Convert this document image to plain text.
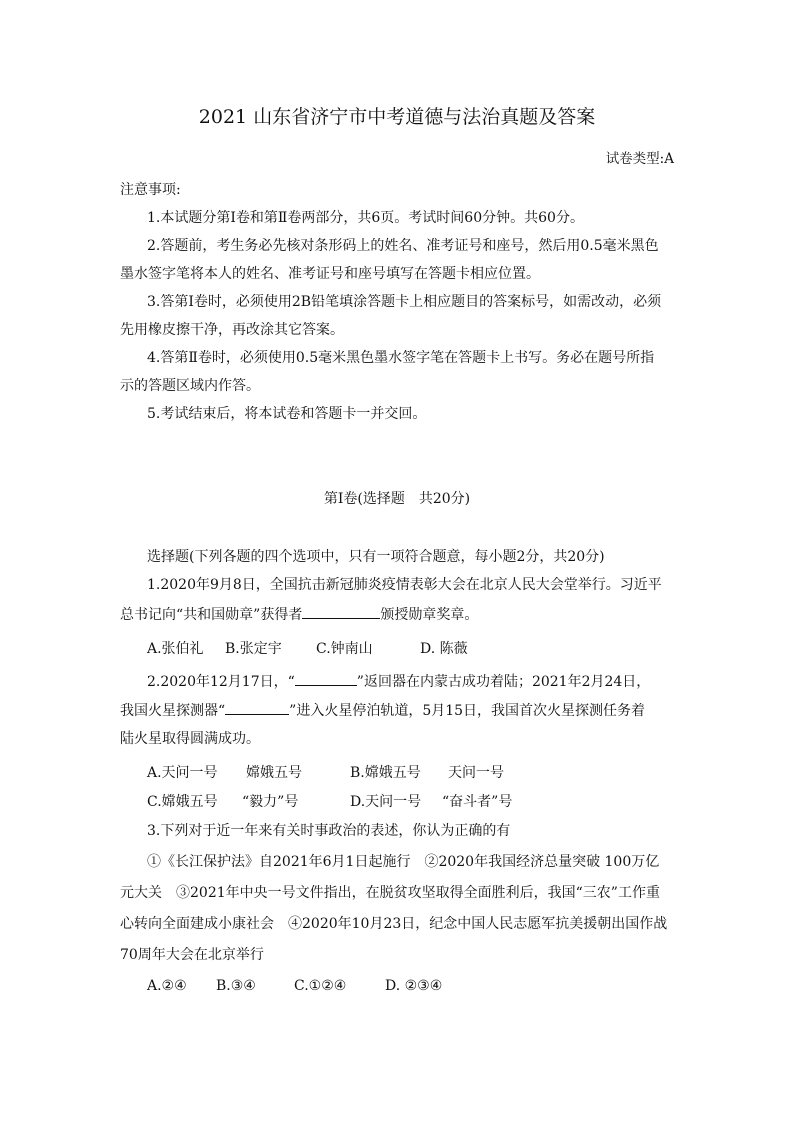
2021 山东省济宁市中考道德与法治真题及答案
试卷类型:A
注意事项:
1.本试题分第Ⅰ卷和第Ⅱ卷两部分，共6页。考试时间60分钟。共60分。
2.答题前，考生务必先核对条形码上的姓名、准考证号和座号，然后用0.5毫米黑色
墨水签字笔将本人的姓名、准考证号和座号填写在答题卡相应位置。
3.答第Ⅰ卷时，必须使用2B铅笔填涂答题卡上相应题目的答案标号，如需改动，必须
先用橡皮擦干净，再改涂其它答案。
4.答第Ⅱ卷时，必须使用0.5毫米黑色墨水签字笔在答题卡上书写。务必在题号所指
示的答题区域内作答。
5.考试结束后，将本试卷和答题卡一并交回。
第Ⅰ卷(选择题　共20分)
选择题(下列各题的四个选项中，只有一项符合题意，每小题2分，共20分)
1.2020年9月8日，全国抗击新冠肺炎疫情表彰大会在北京人民大会堂举行。习近平
总书记向“共和国勋章”获得者	颁授勋章奖章。
A.张伯礼 B.张定宇 C.钟南山	D. 陈薇
2.2020年12月17日，“	”返回器在内蒙古成功着陆；2021年2月24日，
我国火星探测器“	”进入火星停泊轨道，5月15日，我国首次火星探测任务着
陆火星取得圆满成功。
A.天问一号 嫦娥五号	B.嫦娥五号 天问一号
C.嫦娥五号 “毅力”号	D.天问一号 “奋斗者”号
3.下列对于近一年来有关时事政治的表述，你认为正确的有
①《长江保护法》自2021年6月1日起施行　②2020年我国经济总量突破 100万亿
元大关　③2021年中央一号文件指出，在脱贫攻坚取得全面胜利后，我国“三农”工作重
心转向全面建成小康社会　④2020年10月23日，纪念中国人民志愿军抗美援朝出国作战
70周年大会在北京举行
A.②④ B.③④	C.①②④	D. ②③④
